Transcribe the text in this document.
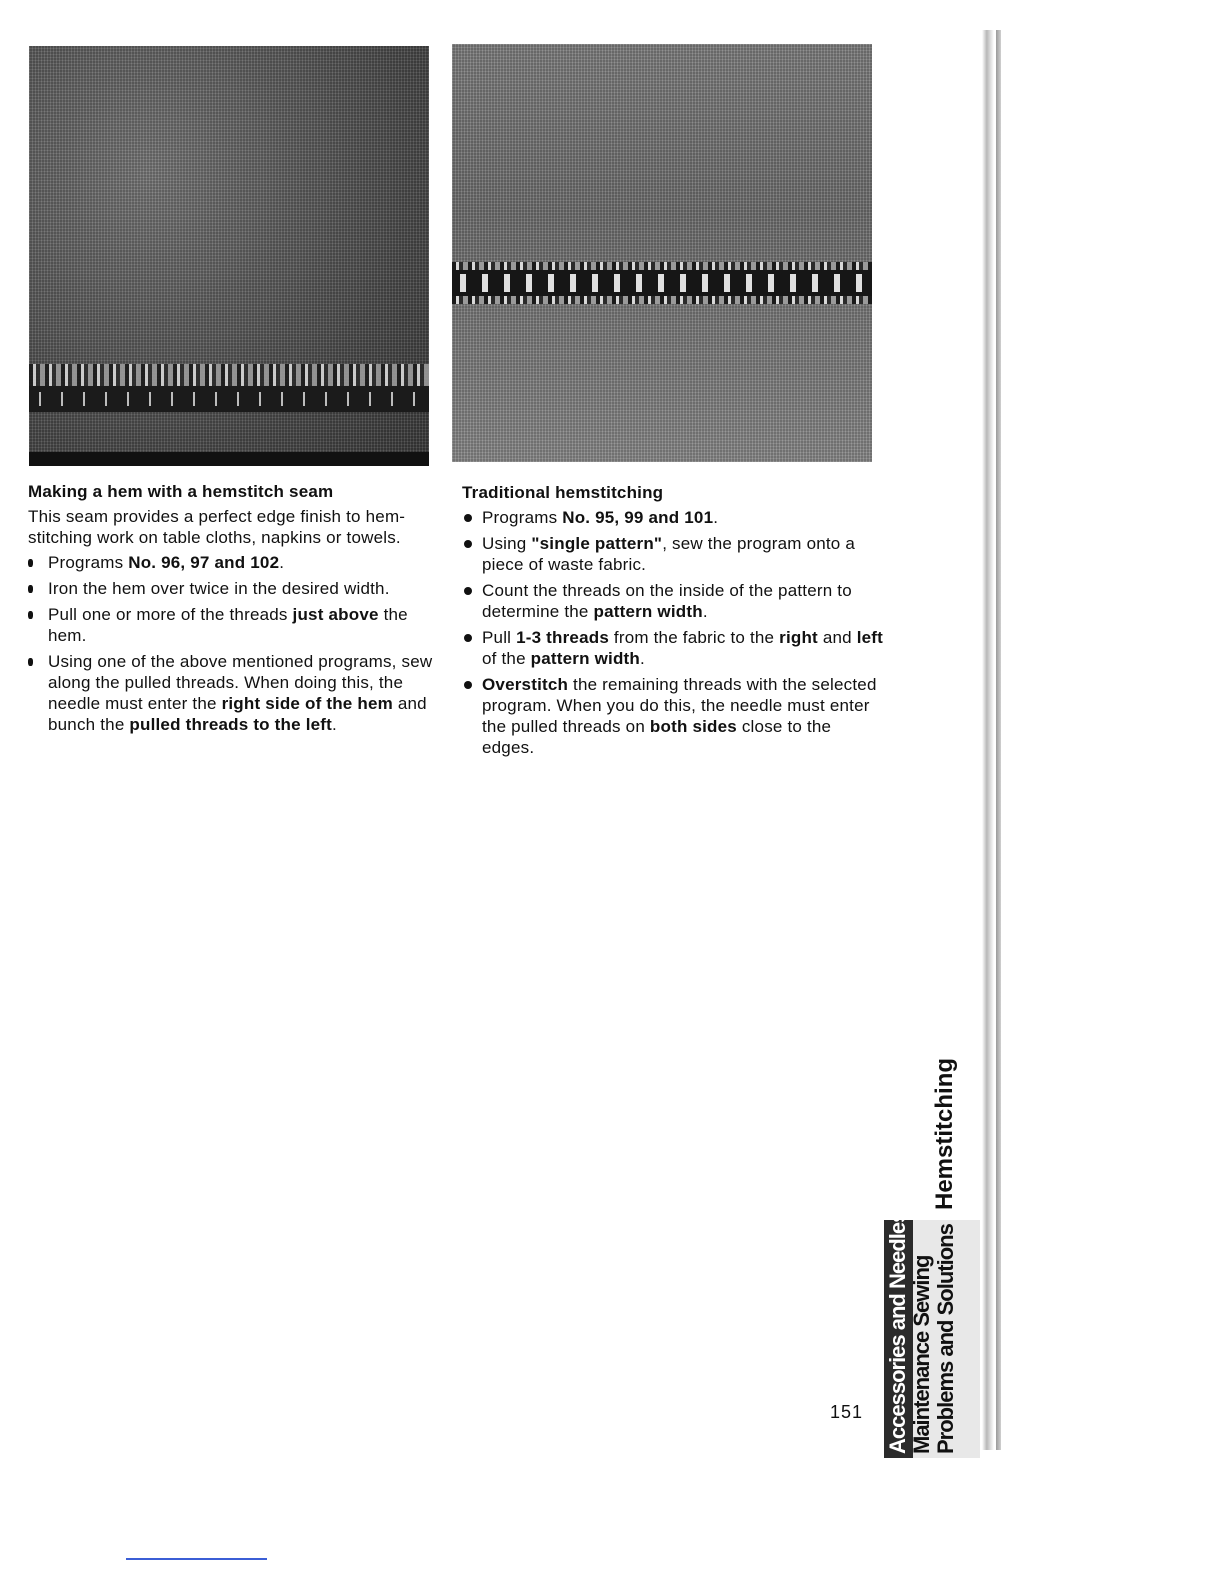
Making a hem with a hemstitch seam
This seam provides a perfect edge finish to hem-stitching work on table cloths, napkins or towels.
Programs No. 96, 97 and 102.
Iron the hem over twice in the desired width.
Pull one or more of the threads just above the hem.
Using one of the above mentioned programs, sew along the pulled threads. When doing this, the needle must enter the right side of the hem and bunch the pulled threads to the left.
Traditional hemstitching
Programs No. 95, 99 and 101.
Using "single pattern", sew the program onto a piece of waste fabric.
Count the threads on the inside of the pattern to determine the pattern width.
Pull 1-3 threads from the fabric to the right and left of the pattern width.
Overstitch the remaining threads with the selected program. When you do this, the needle must enter the pulled threads on both sides close to the edges.
Hemstitching
Accessories and Needles Maintenance Sewing Problems and Solutions
151
